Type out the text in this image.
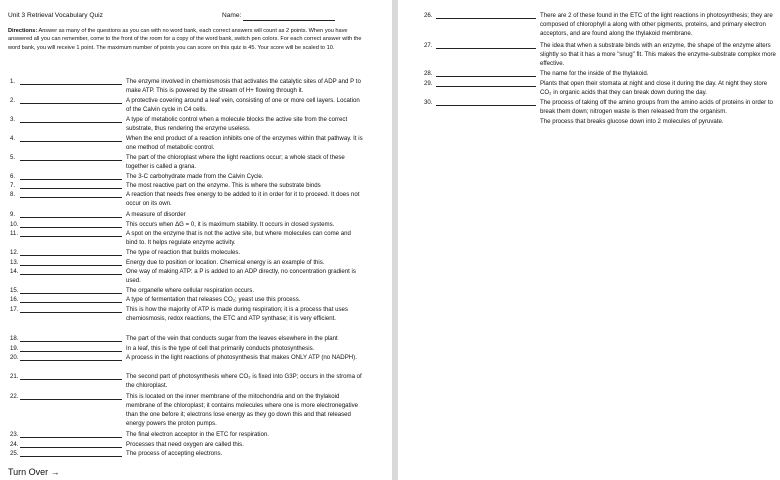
Unit 3 Retrieval Vocabulary Quiz	Name:
Directions: Answer as many of the questions as you can with no word bank, each correct answers will count as 2 points. When you have answered all you can remember, come to the front of the room for a copy of the word bank, switch pen colors. For each correct answer with the word bank, you will receive 1 point. The maximum number of points you can score on this quiz is 45. Your score will be scaled to 10.
1.	The enzyme involved in chemiosmosis that activates the catalytic sites of ADP and P to make ATP. This is powered by the stream of H+ flowing through it.
2.	A protective covering around a leaf vein, consisting of one or more cell layers. Location of the Calvin cycle in C4 cells.
3.	A type of metabolic control when a molecule blocks the active site from the correct substrate, thus rendering the enzyme useless.
4.	When the end product of a reaction inhibits one of the enzymes within that pathway. It is one method of metabolic control.
5.	The part of the chloroplast where the light reactions occur; a whole stack of these together is called a grana.
6.	The 3-C carbohydrate made from the Calvin Cycle.
7.	The most reactive part on the enzyme. This is where the substrate binds
8.	A reaction that needs free energy to be added to it in order for it to proceed. It does not occur on its own.
9.	A measure of disorder
10.	This occurs when ΔG = 0, it is maximum stability. It occurs in closed systems.
11.	A spot on the enzyme that is not the active site, but where molecules can come and bind to. It helps regulate enzyme activity.
12.	The type of reaction that builds molecules.
13.	Energy due to position or location. Chemical energy is an example of this.
14.	One way of making ATP: a P is added to an ADP directly, no concentration gradient is used.
15.	The organelle where cellular respiration occurs.
16.	A type of fermentation that releases CO₂; yeast use this process.
17.	This is how the majority of ATP is made during respiration; it is a process that uses chemiosmosis, redox reactions, the ETC and ATP synthase; it is very efficient.
18.	The part of the vein that conducts sugar from the leaves elsewhere in the plant
19.	In a leaf, this is the type of cell that primarily conducts photosynthesis.
20.	A process in the light reactions of photosynthesis that makes ONLY ATP (no NADPH).
21.	The second part of photosynthesis where CO₂ is fixed into G3P; occurs in the stroma of the chloroplast.
22.	This is located on the inner membrane of the mitochondria and on the thylakoid membrane of the chloroplast; it contains molecules where one is more electronegative than the one before it; electrons lose energy as they go down this and that released energy powers the proton pumps.
23.	The final electron acceptor in the ETC for respiration.
24.	Processes that need oxygen are called this.
25.	The process of accepting electrons.
Turn Over →
26.	There are 2 of these found in the ETC of the light reactions in photosynthesis; they are composed of chlorophyll a along with other pigments, proteins, and primary electron acceptors, and are found along the thylakoid membrane.
27.	The idea that when a substrate binds with an enzyme, the shape of the enzyme alters slightly so that it has a more "snug" fit. This makes the enzyme-substrate complex more effective.
28.	The name for the inside of the thylakoid.
29.	Plants that open their stomata at night and close it during the day. At night they store CO₂ in organic acids that they can break down during the day.
30.	The process of taking off the amino groups from the amino acids of proteins in order to break them down; nitrogen waste is then released from the organism.
The process that breaks glucose down into 2 molecules of pyruvate.
